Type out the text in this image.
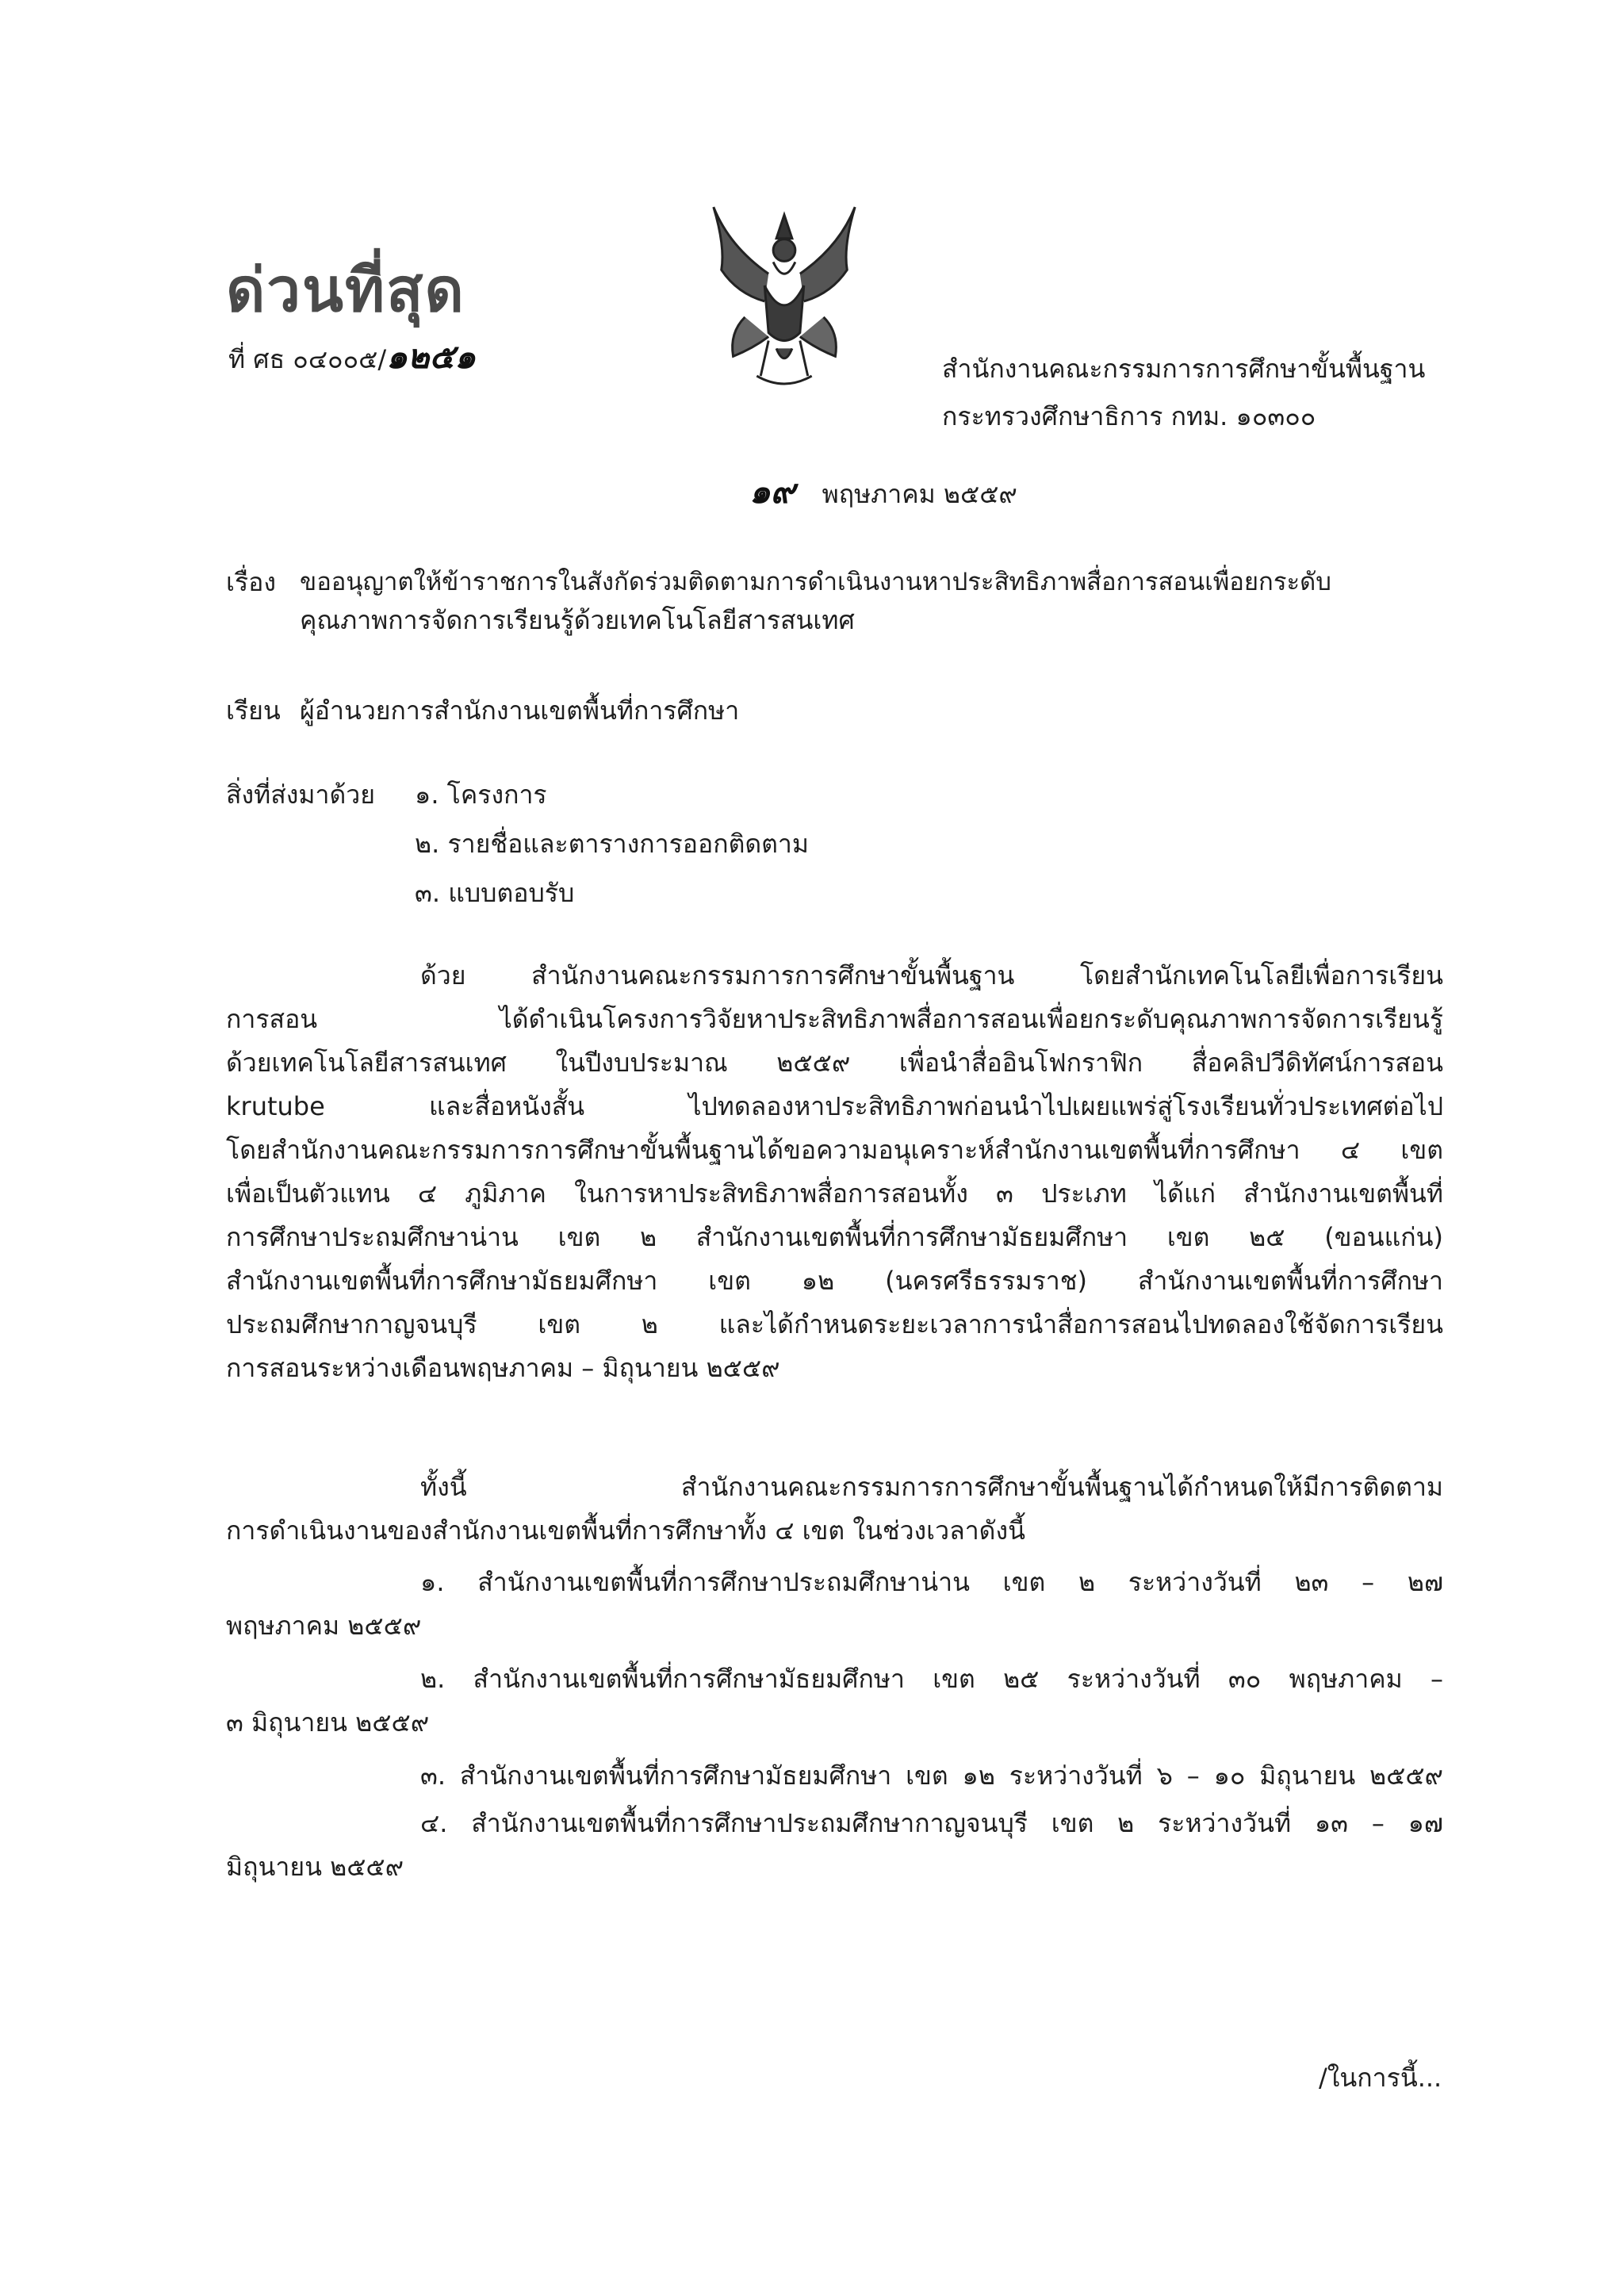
ด่วนที่สุด
ที่ ศธ ๐๔๐๐๕/๑๒๕๑	สำนักงานคณะกรรมการการศึกษาขั้นพื้นฐาน
กระทรวงศึกษาธิการ กทม. ๑๐๓๐๐
๑๙ พฤษภาคม ๒๕๕๙
เรื่อง ขออนุญาตให้ข้าราชการในสังกัดร่วมติดตามการดำเนินงานหาประสิทธิภาพสื่อการสอนเพื่อยกระดับ
คุณภาพการจัดการเรียนรู้ด้วยเทคโนโลยีสารสนเทศ
เรียน ผู้อำนวยการสำนักงานเขตพื้นที่การศึกษา
สิ่งที่ส่งมาด้วย ๑. โครงการ
๒. รายชื่อและตารางการออกติดตาม
๓. แบบตอบรับ
ด้วย สำนักงานคณะกรรมการการศึกษาขั้นพื้นฐาน โดยสำนักเทคโนโลยีเพื่อการเรียน
การสอน ได้ดำเนินโครงการวิจัยหาประสิทธิภาพสื่อการสอนเพื่อยกระดับคุณภาพการจัดการเรียนรู้
ด้วยเทคโนโลยีสารสนเทศ ในปีงบประมาณ ๒๕๕๙ เพื่อนำสื่ออินโฟกราฟิก สื่อคลิปวีดิทัศน์การสอน
krutube และสื่อหนังสั้น ไปทดลองหาประสิทธิภาพก่อนนำไปเผยแพร่สู่โรงเรียนทั่วประเทศต่อไป
โดยสำนักงานคณะกรรมการการศึกษาขั้นพื้นฐานได้ขอความอนุเคราะห์สำนักงานเขตพื้นที่การศึกษา ๔ เขต
เพื่อเป็นตัวแทน ๔ ภูมิภาค ในการหาประสิทธิภาพสื่อการสอนทั้ง ๓ ประเภท ได้แก่ สำนักงานเขตพื้นที่
การศึกษาประถมศึกษาน่าน เขต ๒ สำนักงานเขตพื้นที่การศึกษามัธยมศึกษา เขต ๒๕ (ขอนแก่น)
สำนักงานเขตพื้นที่การศึกษามัธยมศึกษา เขต ๑๒ (นครศรีธรรมราช) สำนักงานเขตพื้นที่การศึกษา
ประถมศึกษากาญจนบุรี เขต ๒ และได้กำหนดระยะเวลาการนำสื่อการสอนไปทดลองใช้จัดการเรียน
การสอนระหว่างเดือนพฤษภาคม – มิถุนายน ๒๕๕๙
ทั้งนี้ สำนักงานคณะกรรมการการศึกษาขั้นพื้นฐานได้กำหนดให้มีการติดตาม
การดำเนินงานของสำนักงานเขตพื้นที่การศึกษาทั้ง ๔ เขต ในช่วงเวลาดังนี้
๑. สำนักงานเขตพื้นที่การศึกษาประถมศึกษาน่าน เขต ๒ ระหว่างวันที่ ๒๓ – ๒๗
พฤษภาคม ๒๕๕๙
๒. สำนักงานเขตพื้นที่การศึกษามัธยมศึกษา เขต ๒๕ ระหว่างวันที่ ๓๐ พฤษภาคม –
๓ มิถุนายน ๒๕๕๙
๓. สำนักงานเขตพื้นที่การศึกษามัธยมศึกษา เขต ๑๒ ระหว่างวันที่ ๖ – ๑๐ มิถุนายน ๒๕๕๙
๔. สำนักงานเขตพื้นที่การศึกษาประถมศึกษากาญจนบุรี เขต ๒ ระหว่างวันที่ ๑๓ – ๑๗
มิถุนายน ๒๕๕๙
/ในการนี้...
